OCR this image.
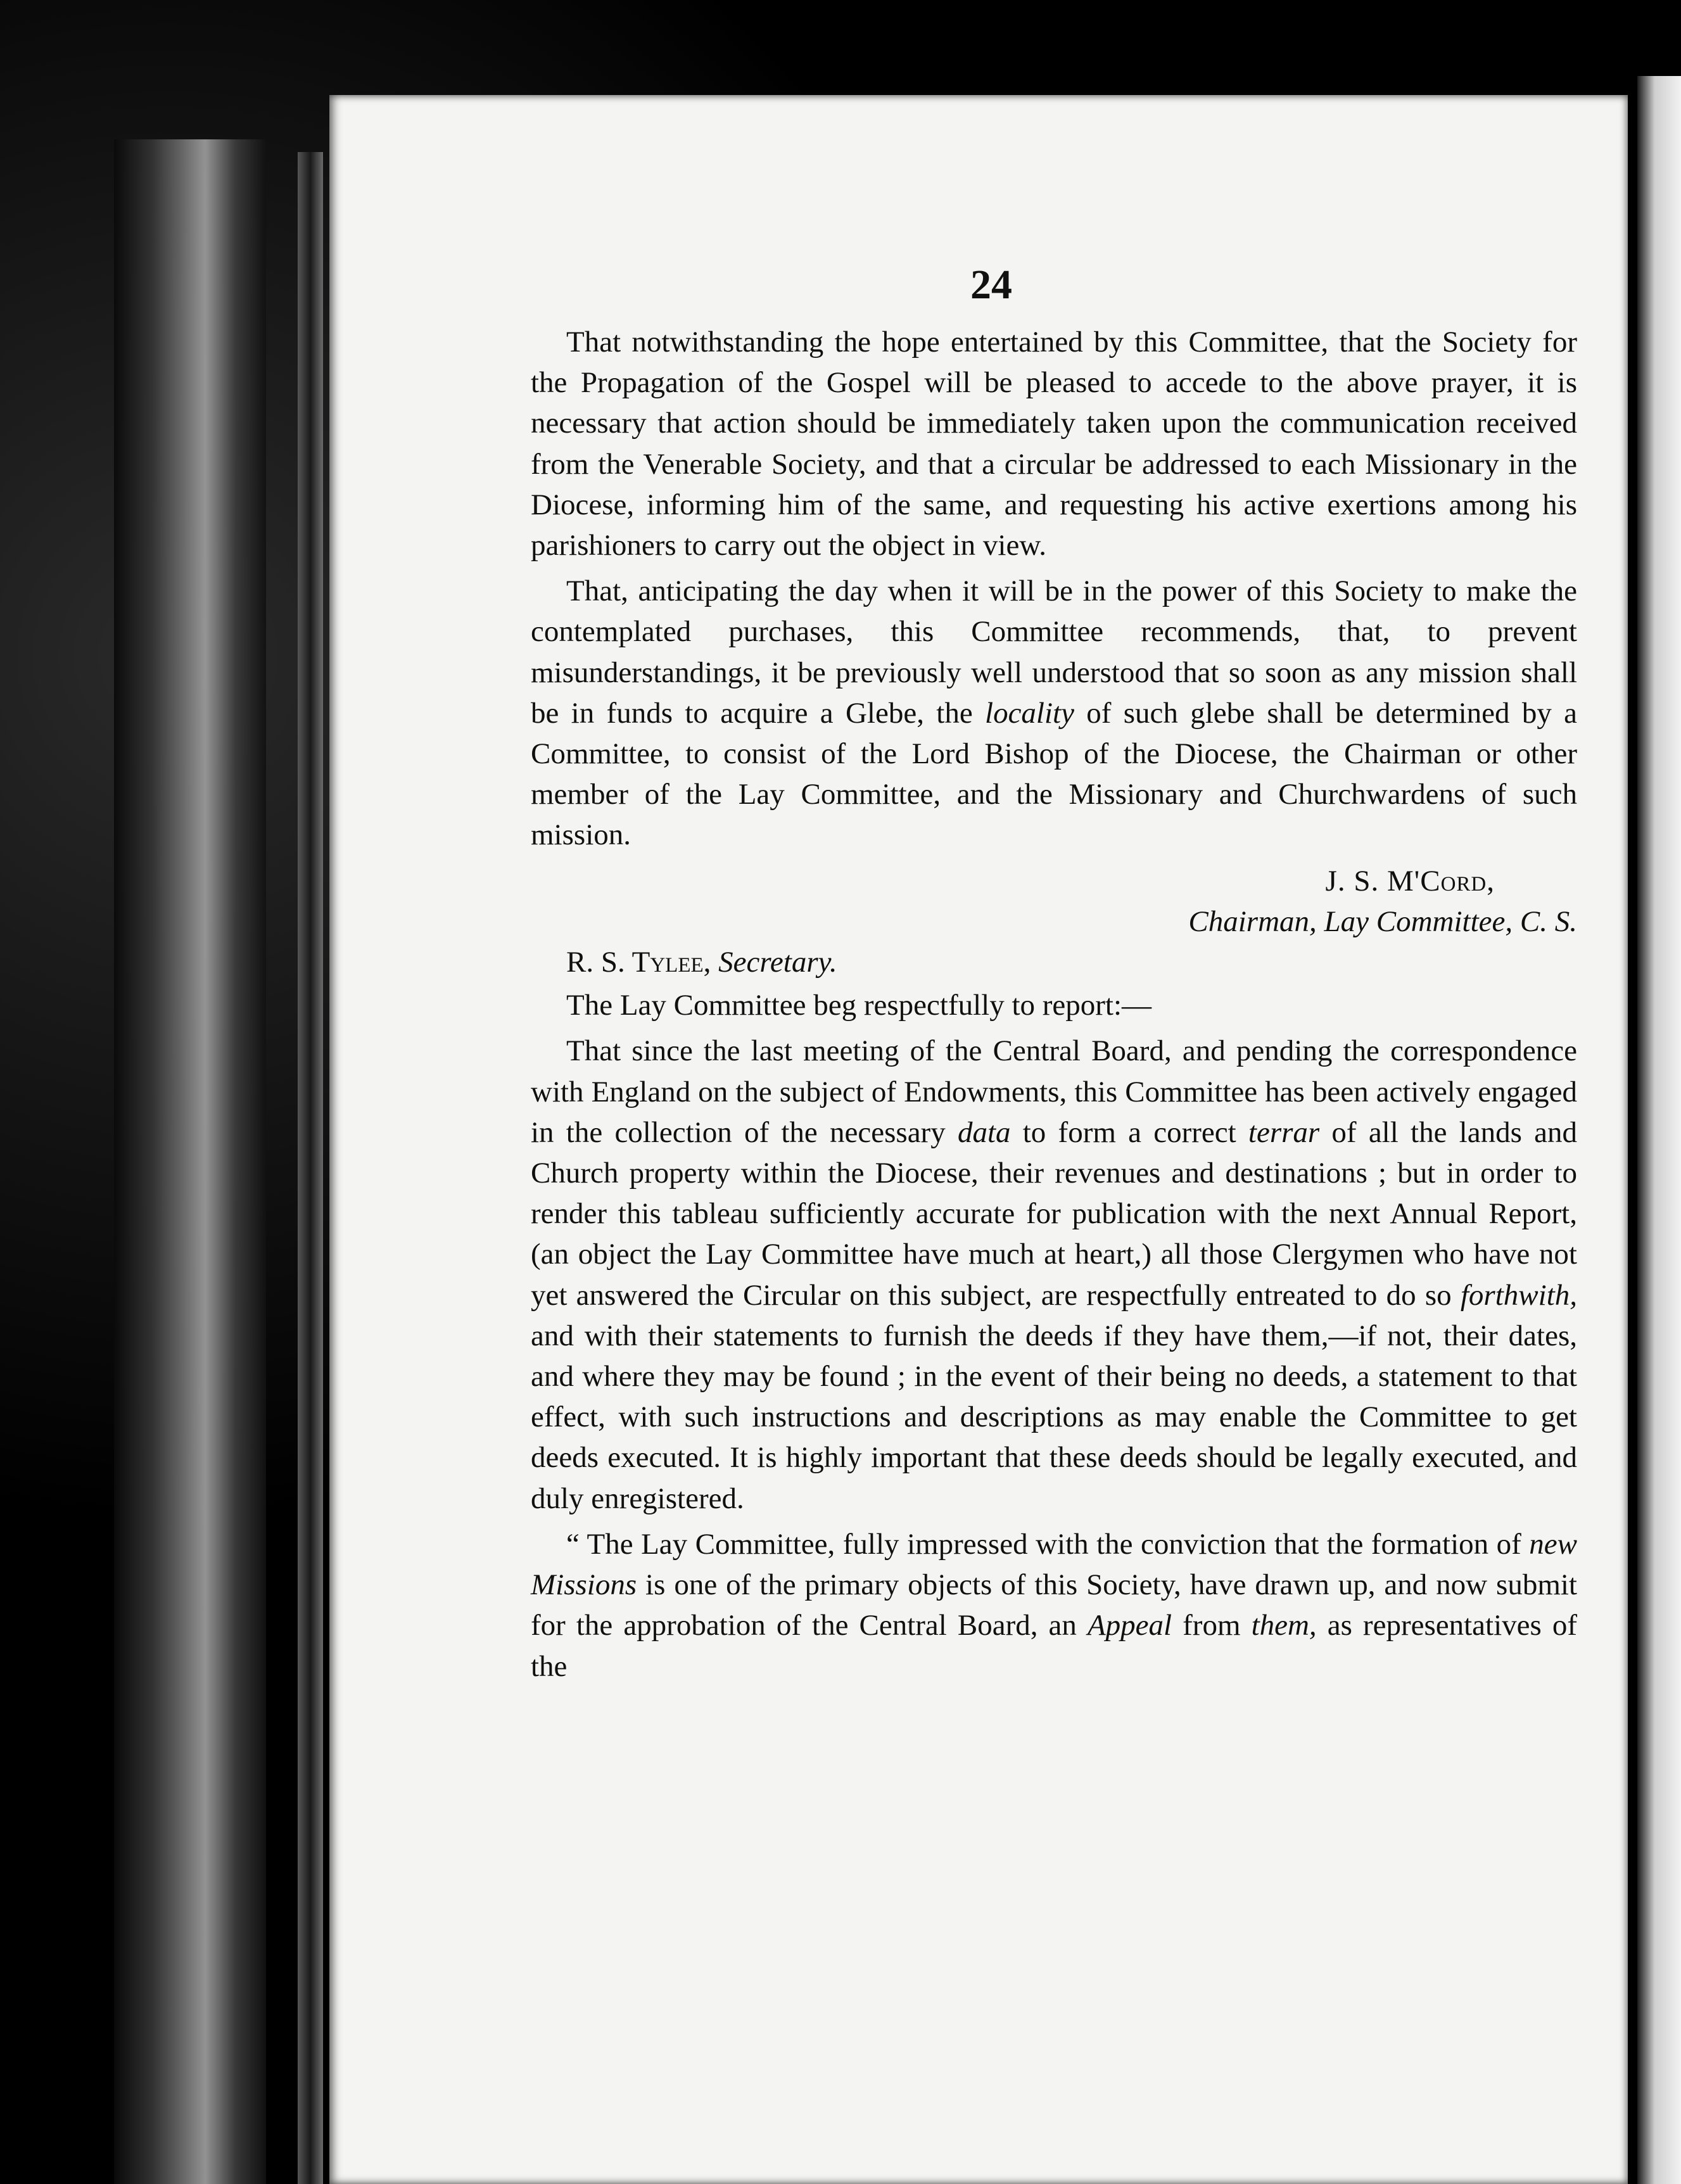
24

That notwithstanding the hope entertained by this Committee, that the Society for the Propagation of the Gospel will be pleased to accede to the above prayer, it is necessary that action should be immediately taken upon the communication received from the Venerable Society, and that a circular be addressed to each Missionary in the Diocese, informing him of the same, and requesting his active exertions among his parishioners to carry out the object in view.

That, anticipating the day when it will be in the power of this Society to make the contemplated purchases, this Committee recommends, that, to prevent misunderstandings, it be previously well understood that so soon as any mission shall be in funds to acquire a Glebe, the locality of such glebe shall be determined by a Committee, to consist of the Lord Bishop of the Diocese, the Chairman or other member of the Lay Committee, and the Missionary and Churchwardens of such mission.

J. S. M'Cord,
Chairman, Lay Committee, C. S.
R. S. Tylee, Secretary.

The Lay Committee beg respectfully to report:—

That since the last meeting of the Central Board, and pending the correspondence with England on the subject of Endowments, this Committee has been actively engaged in the collection of the necessary data to form a correct terrar of all the lands and Church property within the Diocese, their revenues and destinations ; but in order to render this tableau sufficiently accurate for publication with the next Annual Report, (an object the Lay Committee have much at heart,) all those Clergymen who have not yet answered the Circular on this subject, are respectfully entreated to do so forthwith, and with their statements to furnish the deeds if they have them,—if not, their dates, and where they may be found ; in the event of their being no deeds, a statement to that effect, with such instructions and descriptions as may enable the Committee to get deeds executed. It is highly important that these deeds should be legally executed, and duly enregistered.

“ The Lay Committee, fully impressed with the conviction that the formation of new Missions is one of the primary objects of this Society, have drawn up, and now submit for the approbation of the Central Board, an Appeal from them, as representatives of the
